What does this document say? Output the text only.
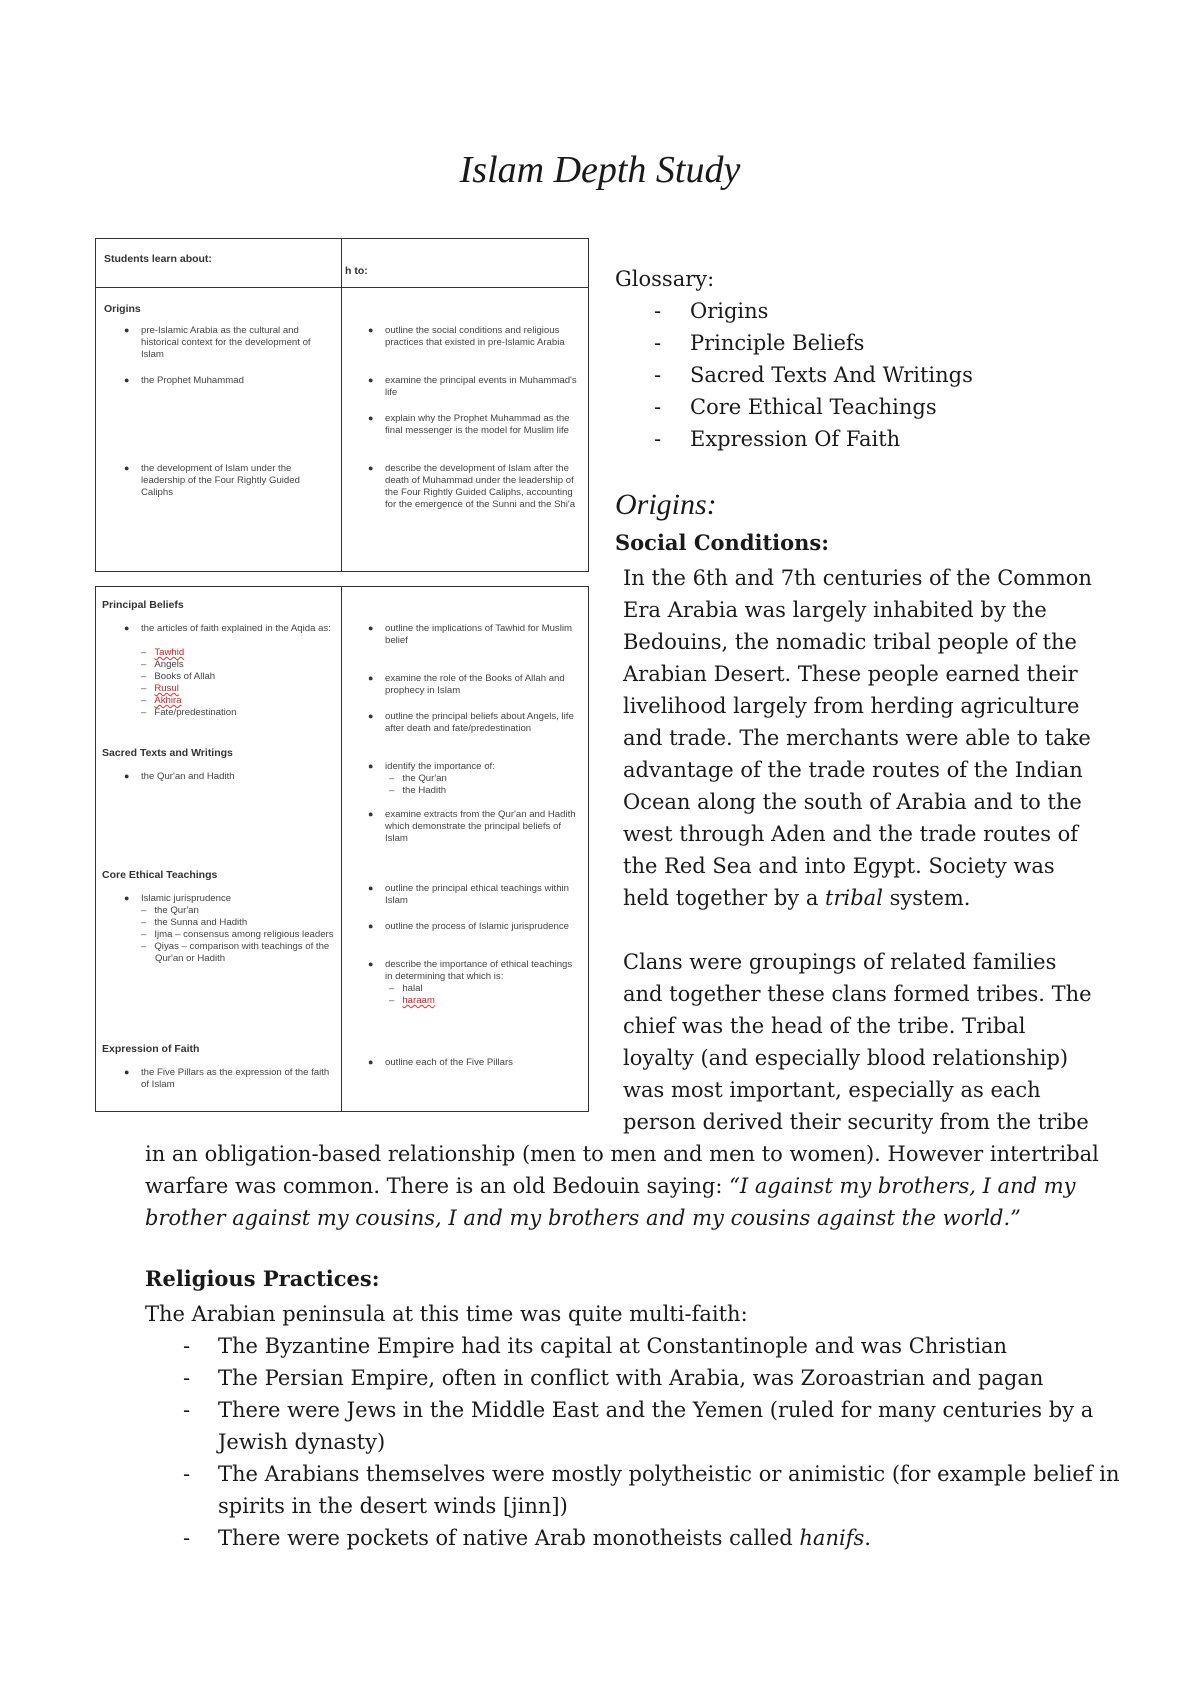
Islam Depth Study
Students learn about:
h to:
Origins
● pre-Islamic Arabia as the cultural and historical context for the development of Islam
● the Prophet Muhammad
● the development of Islam under the leadership of the Four Rightly Guided Caliphs
● outline the social conditions and religious practices that existed in pre-Islamic Arabia
● examine the principal events in Muhammad's life
● explain why the Prophet Muhammad as the final messenger is the model for Muslim life
● describe the development of Islam after the death of Muhammad under the leadership of the Four Rightly Guided Caliphs, accounting for the emergence of the Sunni and the Shi'a
Principal Beliefs
● the articles of faith explained in the Aqida as:
–   Tawhid
–   Angels
–   Books of Allah
–   Rusul
–   Akhira
–   Fate/predestination
● outline the implications of Tawhid for Muslim belief
● examine the role of the Books of Allah and prophecy in Islam
● outline the principal beliefs about Angels, life after death and fate/predestination
Sacred Texts and Writings
● the Qur'an and Hadith
● identify the importance of:
–   the Qur'an
–   the Hadith
● examine extracts from the Qur'an and Hadith which demonstrate the principal beliefs of Islam
Core Ethical Teachings
● Islamic jurisprudence
–   the Qur'an
–   the Sunna and Hadith
–   Ijma – consensus among religious leaders
–   Qiyas – comparison with teachings of the Qur'an or Hadith
● outline the principal ethical teachings within Islam
● outline the process of Islamic jurisprudence
● describe the importance of ethical teachings in determining that which is:
–   halal
–   haraam
Expression of Faith
● the Five Pillars as the expression of the faith of Islam
● outline each of the Five Pillars
Glossary:
- Origins
- Principle Beliefs
- Sacred Texts And Writings
- Core Ethical Teachings
- Expression Of Faith
Origins:
Social Conditions:
In the 6th and 7th centuries of the Common
Era Arabia was largely inhabited by the
Bedouins, the nomadic tribal people of the
Arabian Desert. These people earned their
livelihood largely from herding agriculture
and trade. The merchants were able to take
advantage of the trade routes of the Indian
Ocean along the south of Arabia and to the
west through Aden and the trade routes of
the Red Sea and into Egypt. Society was
held together by a tribal system.
Clans were groupings of related families
and together these clans formed tribes. The
chief was the head of the tribe. Tribal
loyalty (and especially blood relationship)
was most important, especially as each
person derived their security from the tribe
in an obligation-based relationship (men to men and men to women). However intertribal
warfare was common. There is an old Bedouin saying: “I against my brothers, I and my
brother against my cousins, I and my brothers and my cousins against the world.”
Religious Practices:
The Arabian peninsula at this time was quite multi-faith:
- The Byzantine Empire had its capital at Constantinople and was Christian
- The Persian Empire, often in conflict with Arabia, was Zoroastrian and pagan
- There were Jews in the Middle East and the Yemen (ruled for many centuries by a
Jewish dynasty)
- The Arabians themselves were mostly polytheistic or animistic (for example belief in
spirits in the desert winds [jinn])
- There were pockets of native Arab monotheists called hanifs.
